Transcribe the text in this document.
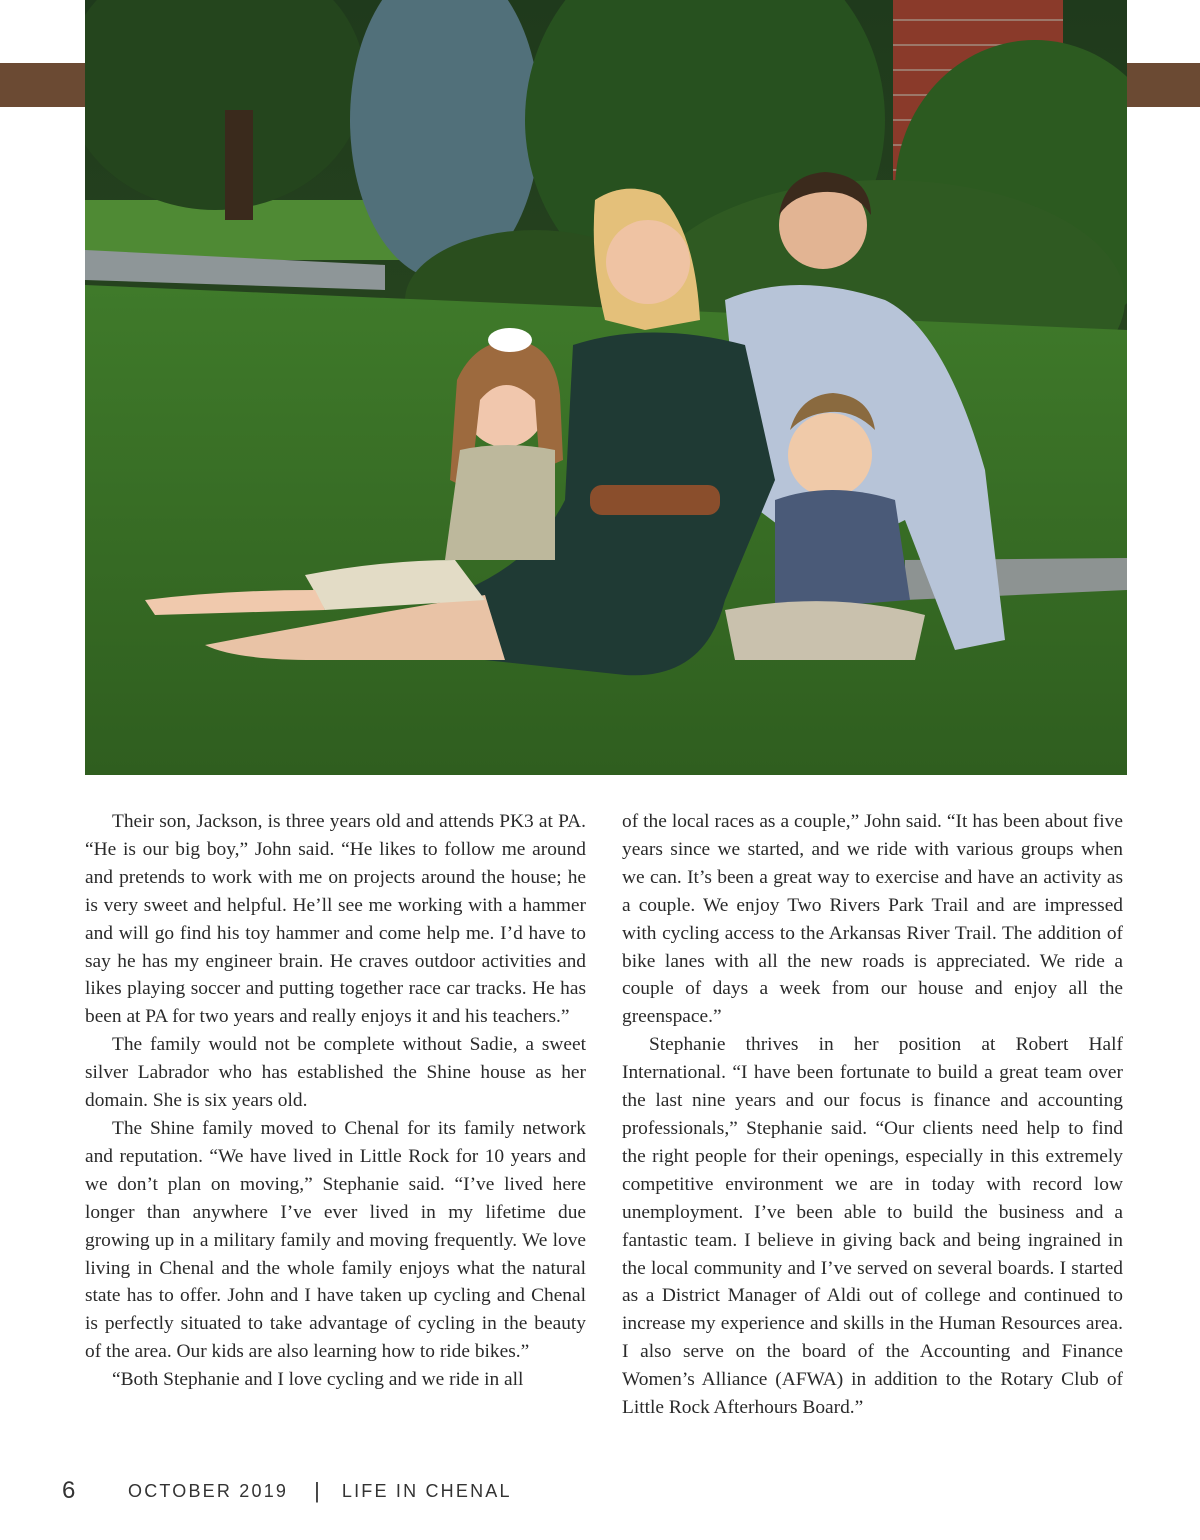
Their son, Jackson, is three years old and attends PK3 at PA. “He is our big boy,” John said. “He likes to follow me around and pretends to work with me on projects around the house; he is very sweet and helpful. He’ll see me working with a hammer and will go find his toy hammer and come help me. I’d have to say he has my engineer brain. He craves outdoor activities and likes playing soccer and putting together race car tracks. He has been at PA for two years and really enjoys it and his teachers.”

The family would not be complete without Sadie, a sweet silver Labrador who has established the Shine house as her domain. She is six years old.

The Shine family moved to Chenal for its family network and reputation. “We have lived in Little Rock for 10 years and we don’t plan on moving,” Stephanie said. “I’ve lived here longer than anywhere I’ve ever lived in my lifetime due growing up in a military family and moving frequently. We love living in Chenal and the whole family enjoys what the natural state has to offer. John and I have taken up cycling and Chenal is perfectly situated to take advantage of cycling in the beauty of the area. Our kids are also learning how to ride bikes.”

“Both Stephanie and I love cycling and we ride in all

of the local races as a couple,” John said. “It has been about five years since we started, and we ride with various groups when we can. It’s been a great way to exercise and have an activity as a couple. We enjoy Two Rivers Park Trail and are impressed with cycling access to the Arkansas River Trail. The addition of bike lanes with all the new roads is appreciated. We ride a couple of days a week from our house and enjoy all the greenspace.”

Stephanie thrives in her position at Robert Half International. “I have been fortunate to build a great team over the last nine years and our focus is finance and accounting professionals,” Stephanie said. “Our clients need help to find the right people for their openings, especially in this extremely competitive environment we are in today with record low unemployment. I’ve been able to build the business and a fantastic team. I believe in giving back and being ingrained in the local community and I’ve served on several boards. I started as a District Manager of Aldi out of college and continued to increase my experience and skills in the Human Resources area. I also serve on the board of the Accounting and Finance Women’s Alliance (AFWA) in addition to the Rotary Club of Little Rock Afterhours Board.”

6	OCTOBER 2019 | LIFE IN CHENAL
